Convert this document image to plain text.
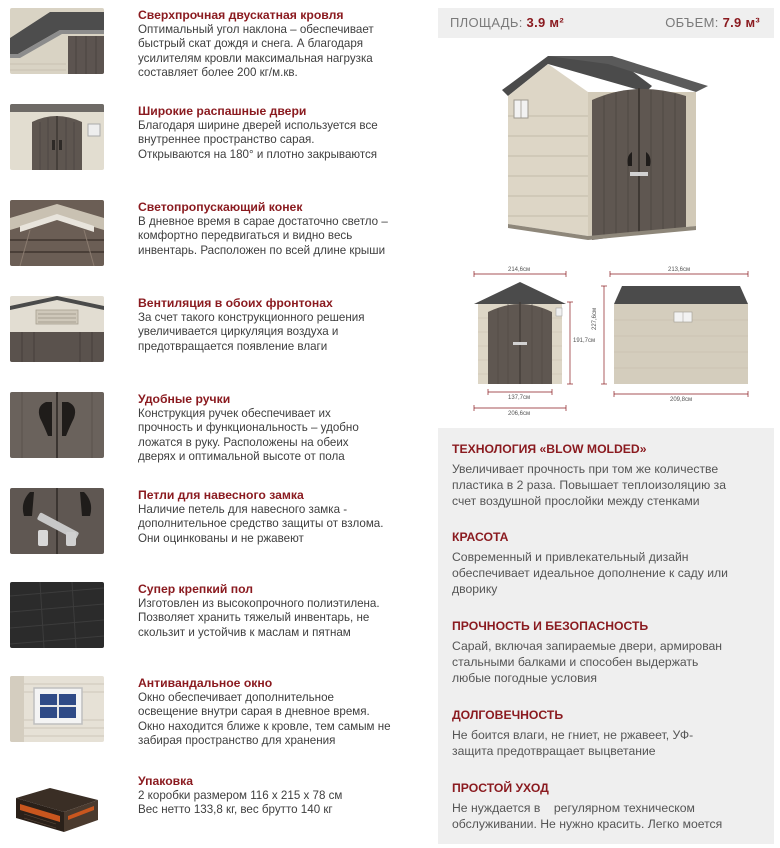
Сверхпрочная двускатная кровля
Оптимальный угол наклона – обеспечивает
быстрый скат дождя и снега. А благодаря
усилителям кровли максимальная нагрузка
составляет более 200 кг/м.кв.
Широкие распашные двери
Благодаря ширине дверей используется все
внутреннее пространство сарая.
Открываются на 180° и плотно закрываются
Светопропускающий конек
В дневное время в сарае достаточно светло –
комфортно передвигаться и видно весь
инвентарь. Расположен по всей длине крыши
Вентиляция в обоих фронтонах
За счет такого конструкционного решения
увеличивается циркуляция воздуха и
предотвращается появление влаги
Удобные ручки
Конструкция ручек обеспечивает их
прочность и функциональность – удобно
ложатся в руку. Расположены на обеих
дверях и оптимальной высоте от пола
Петли для навесного замка
Наличие петель для навесного замка -
дополнительное средство защиты от взлома.
Они оцинкованы и не ржавеют
Супер крепкий пол
Изготовлен из высокопрочного полиэтилена.
Позволяет хранить тяжелый инвентарь, не
скользит и устойчив к маслам и пятнам
Антивандальное окно
Окно обеспечивает дополнительное
освещение внутри сарая в дневное время.
Окно находится ближе к кровле, тем самым не
забирая пространство для хранения
Упаковка
2 коробки размером 116 x 215 x 78 см
Вес нетто 133,8 кг, вес брутто 140 кг
ПЛОЩАДЬ: 3.9 м²	ОБЪЕМ: 7.9 м³
214,6см
191,7см
137,7см
206,6см
213,6см
227,6см
209,8см
ТЕХНОЛОГИЯ «BLOW MOLDED»
Увеличивает прочность при том же количестве
пластика в 2 раза. Повышает теплоизоляцию за
счет воздушной прослойки между стенками
КРАСОТА
Современный и привлекательный дизайн
обеспечивает идеальное дополнение к саду или
дворику
ПРОЧНОСТЬ И БЕЗОПАСНОСТЬ
Сарай, включая запираемые двери, армирован
стальными балками и способен выдержать
любые погодные условия
ДОЛГОВЕЧНОСТЬ
Не боится влаги, не гниет, не ржавеет, УФ-
защита предотвращает выцветание
ПРОСТОЙ УХОД
Не нуждается в    регулярном техническом
обслуживании. Не нужно красить. Легко моется
